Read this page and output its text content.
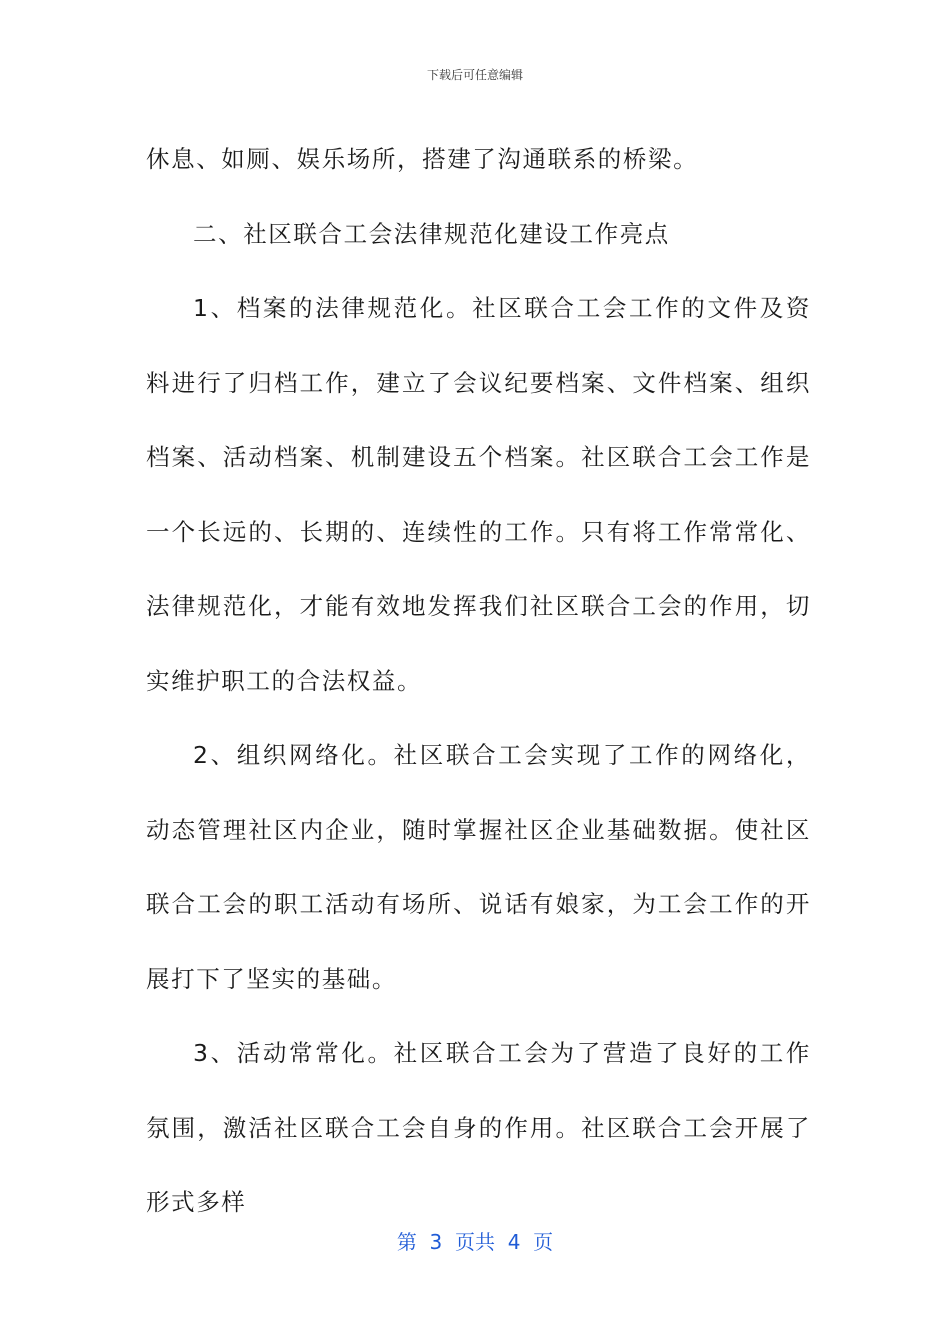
下载后可任意编辑

休息、如厕、娱乐场所，搭建了沟通联系的桥梁。

二、社区联合工会法律规范化建设工作亮点

1、档案的法律规范化。社区联合工会工作的文件及资料进行了归档工作，建立了会议纪要档案、文件档案、组织档案、活动档案、机制建设五个档案。社区联合工会工作是一个长远的、长期的、连续性的工作。只有将工作常常化、法律规范化，才能有效地发挥我们社区联合工会的作用，切实维护职工的合法权益。

2、组织网络化。社区联合工会实现了工作的网络化，动态管理社区内企业，随时掌握社区企业基础数据。使社区联合工会的职工活动有场所、说话有娘家，为工会工作的开展打下了坚实的基础。

3、活动常常化。社区联合工会为了营造了良好的工作氛围，激活社区联合工会自身的作用。社区联合工会开展了形式多样

第  3  页共  4  页
